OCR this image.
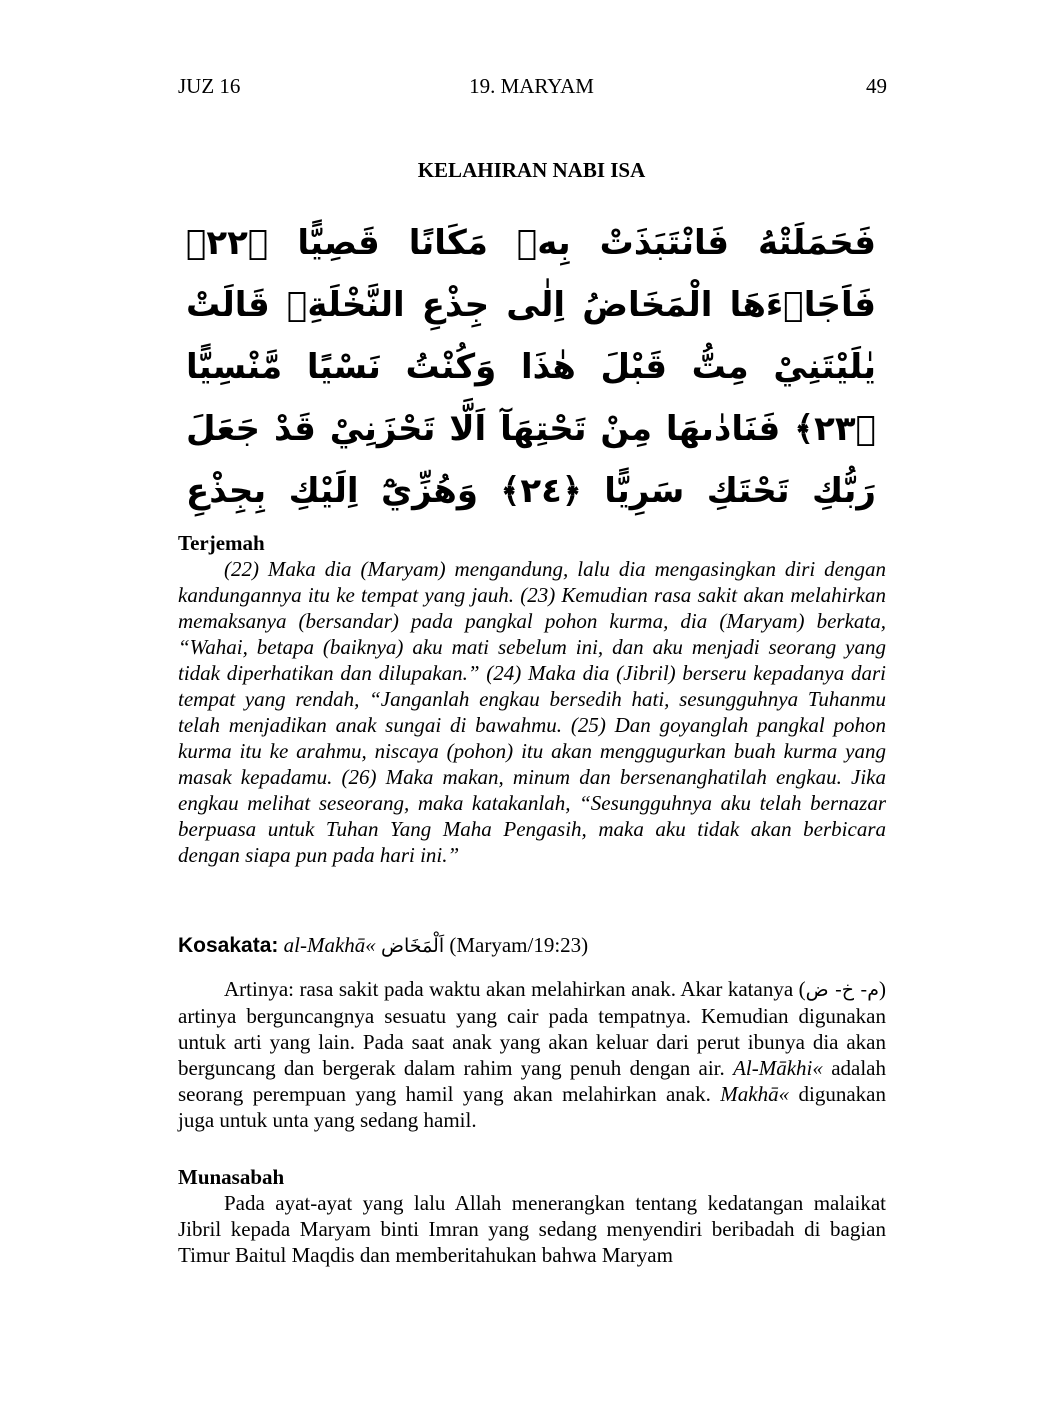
JUZ 16	19. MARYAM	49
KELAHIRAN NABI ISA
فَحَمَلَتْهُ فَانْتَبَذَتْ بِهٖ مَكَانًا قَصِيًّا ﴿٢٢﴾ فَاَجَاۤءَهَا الْمَخَاضُ اِلٰى جِذْعِ النَّخْلَةِۚ قَالَتْ يٰلَيْتَنِيْ مِتُّ قَبْلَ هٰذَا وَكُنْتُ نَسْيًا مَّنْسِيًّا ﴿٢٣﴾ فَنَادٰىهَا مِنْ تَحْتِهَآ اَلَّا تَحْزَنِيْ قَدْ جَعَلَ رَبُّكِ تَحْتَكِ سَرِيًّا ﴿٢٤﴾ وَهُزِّيْٓ اِلَيْكِ بِجِذْعِ
Terjemah
(22) Maka dia (Maryam) mengandung, lalu dia mengasingkan diri dengan kandungannya itu ke tempat yang jauh. (23) Kemudian rasa sakit akan melahirkan memaksanya (bersandar) pada pangkal pohon kurma, dia (Maryam) berkata, “Wahai, betapa (baiknya) aku mati sebelum ini, dan aku menjadi seorang yang tidak diperhatikan dan dilupakan.” (24) Maka dia (Jibril) berseru kepadanya dari tempat yang rendah, “Janganlah engkau bersedih hati, sesungguhnya Tuhanmu telah menjadikan anak sungai di bawahmu. (25) Dan goyanglah pangkal pohon kurma itu ke arahmu, niscaya (pohon) itu akan menggugurkan buah kurma yang masak kepadamu. (26) Maka makan, minum dan bersenanghatilah engkau. Jika engkau melihat seseorang, maka katakanlah, “Sesungguhnya aku telah bernazar berpuasa untuk Tuhan Yang Maha Pengasih, maka aku tidak akan berbicara dengan siapa pun pada hari ini.”
Kosakata: al-Makhā« اَلْمَخَاض (Maryam/19:23)
Artinya: rasa sakit pada waktu akan melahirkan anak. Akar katanya (م- خ- ض) artinya berguncangnya sesuatu yang cair pada tempatnya. Kemudian digunakan untuk arti yang lain. Pada saat anak yang akan keluar dari perut ibunya dia akan berguncang dan bergerak dalam rahim yang penuh dengan air. Al-Mākhi« adalah seorang perempuan yang hamil yang akan melahirkan anak. Makhā« digunakan juga untuk unta yang sedang hamil.
Munasabah
Pada ayat-ayat yang lalu Allah menerangkan tentang kedatangan malaikat Jibril kepada Maryam binti Imran yang sedang menyendiri beribadah di bagian Timur Baitul Maqdis dan memberitahukan bahwa Maryam
